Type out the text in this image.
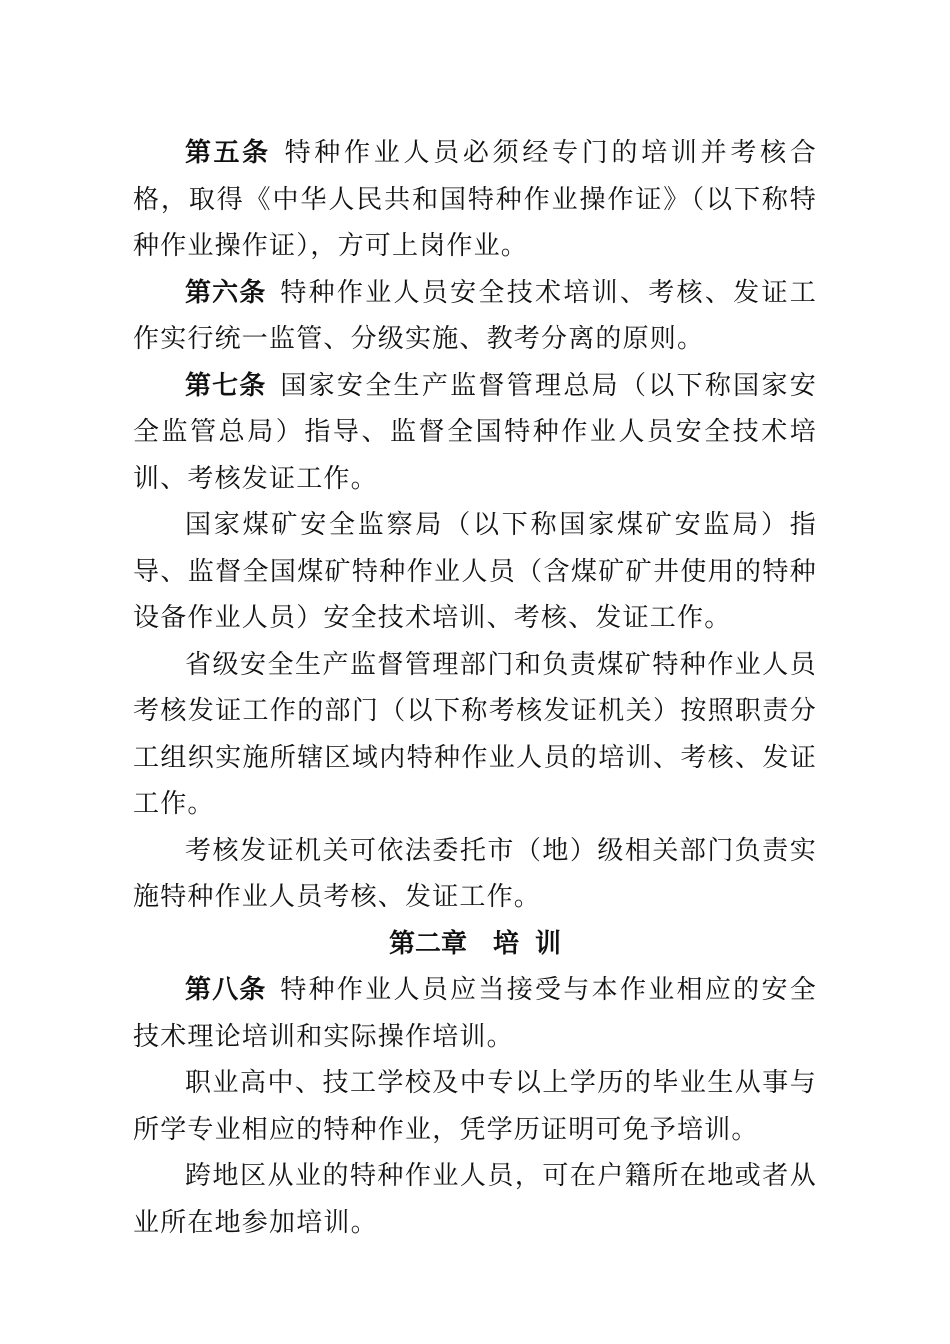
第五条 特种作业人员必须经专门的培训并考核合格，取得《中华人民共和国特种作业操作证》（以下称特种作业操作证），方可上岗作业。

第六条 特种作业人员安全技术培训、考核、发证工作实行统一监管、分级实施、教考分离的原则。

第七条 国家安全生产监督管理总局（以下称国家安全监管总局）指导、监督全国特种作业人员安全技术培训、考核发证工作。

国家煤矿安全监察局（以下称国家煤矿安监局）指导、监督全国煤矿特种作业人员（含煤矿矿井使用的特种设备作业人员）安全技术培训、考核、发证工作。

省级安全生产监督管理部门和负责煤矿特种作业人员考核发证工作的部门（以下称考核发证机关）按照职责分工组织实施所辖区域内特种作业人员的培训、考核、发证工作。

考核发证机关可依法委托市（地）级相关部门负责实施特种作业人员考核、发证工作。

第二章 培 训

第八条 特种作业人员应当接受与本作业相应的安全技术理论培训和实际操作培训。

职业高中、技工学校及中专以上学历的毕业生从事与所学专业相应的特种作业，凭学历证明可免予培训。

跨地区从业的特种作业人员，可在户籍所在地或者从业所在地参加培训。
